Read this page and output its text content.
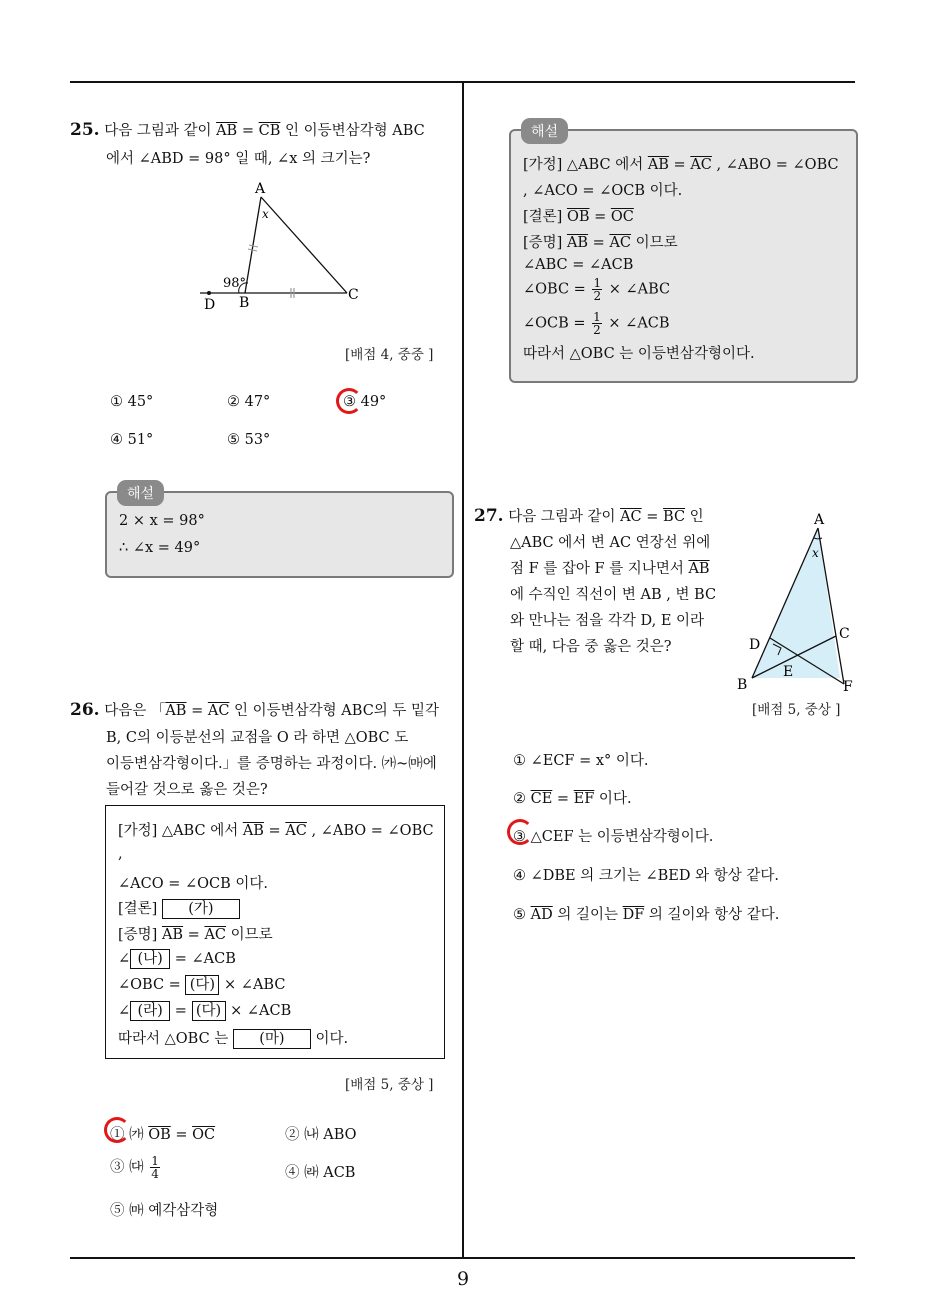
25. 다음 그림과 같이 $\overline{AB} = \overline{CB}$ 인 이등변삼각형 ABC
에서 ∠ABD = 98° 일 때, ∠x 의 크기는?
A
B	C
D
x
98°
[배점 4, 중중 ]
① 45°	② 47°	③ 49°
④ 51°	⑤ 53°
2 × x = 98°
∴ ∠x = 49°
해설
26. 다음은 「$\overline{AB} = \overline{AC}$ 인 이등변삼각형 ABC의 두 밑각
B, C의 이등분선의 교점을 O 라 하면 △OBC 도
이등변삼각형이다.」를 증명하는 과정이다. ㈎~㈒에
들어갈 것으로 옳은 것은?
[가정] △ABC 에서 $\overline{AB} = \overline{AC}$ , ∠ABO = ∠OBC
,
∠ACO = ∠OCB 이다.
[결론] (가)
[증명] $\overline{AB} = \overline{AC}$ 이므로
∠ (나) = ∠ACB
∠OBC = (다) × ∠ABC
∠ (라) = (다) × ∠ACB
따라서 △OBC 는 (마) 이다.
[배점 5, 중상 ]
① ㈎ $\overline{OB} = \overline{OC}$	② ㈏ ABO
③ ㈐ $\frac{1}{4}$	④ ㈑ ACB
⑤ ㈒ 예각삼각형
[가정] △ABC 에서 $\overline{AB} = \overline{AC}$ , ∠ABO = ∠OBC
, ∠ACO = ∠OCB 이다.
[결론] $\overline{OB} = \overline{OC}$
[증명] $\overline{AB} = \overline{AC}$ 이므로
∠ABC = ∠ACB
∠OBC = $\frac{1}{2}$ × ∠ABC
∠OCB = $\frac{1}{2}$ × ∠ACB
따라서 △OBC 는 이등변삼각형이다.
해설
27. 다음 그림과 같이 $\overline{AC} = \overline{BC}$ 인
△ABC 에서 변 AC 연장선 위에
점 F 를 잡아 F 를 지나면서 $\overline{AB}$
에 수직인 직선이 변 AB , 변 BC
와 만나는 점을 각각 D, E 이라
할 때, 다음 중 옳은 것은?
A
B
C
D
E
F
x
[배점 5, 중상 ]
① ∠ECF = x° 이다.
② $\overline{CE} = \overline{EF}$ 이다.
③ △CEF 는 이등변삼각형이다.
④ ∠DBE 의 크기는 ∠BED 와 항상 같다.
⑤ $\overline{AD}$ 의 길이는 $\overline{DF}$ 의 길이와 항상 같다.
9
